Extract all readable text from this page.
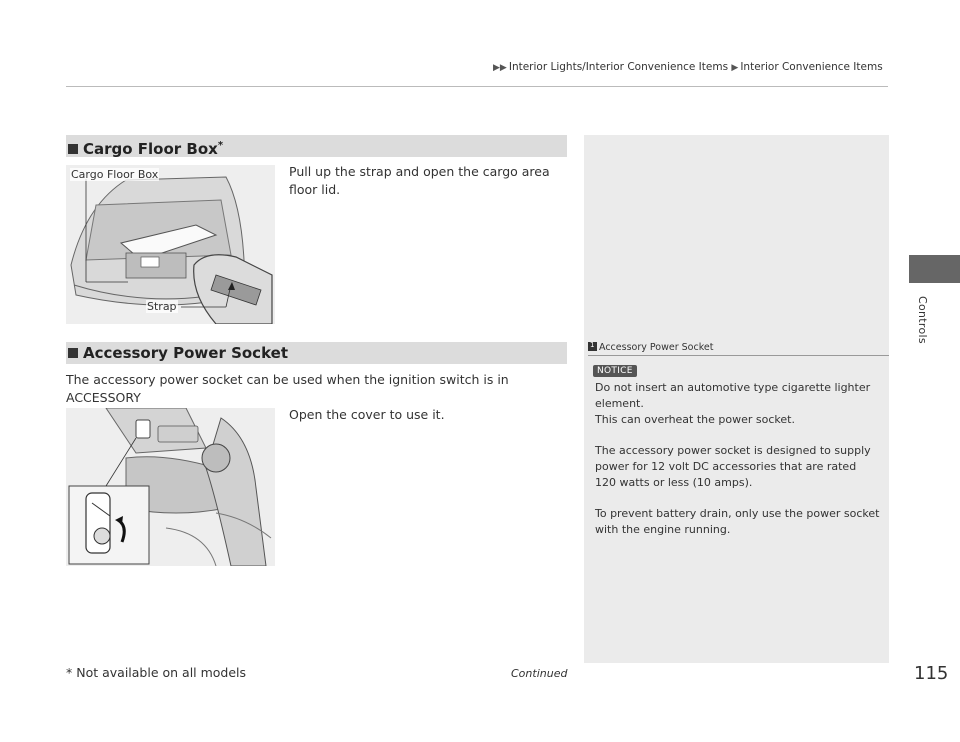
▶▶ Interior Lights/Interior Convenience Items ▶ Interior Convenience Items
Controls
Cargo Floor Box*
Cargo Floor Box
Strap
Pull up the strap and open the cargo area floor lid.
Accessory Power Socket
The accessory power socket can be used when the ignition switch is in ACCESSORY

Open the cover to use it.
1Accessory Power Socket
NOTICE
Do not insert an automotive type cigarette lighter element.
This can overheat the power socket.
The accessory power socket is designed to supply power for 12 volt DC accessories that are rated 120 watts or less (10 amps).
To prevent battery drain, only use the power socket with the engine running.
* Not available on all models	Continued	115
